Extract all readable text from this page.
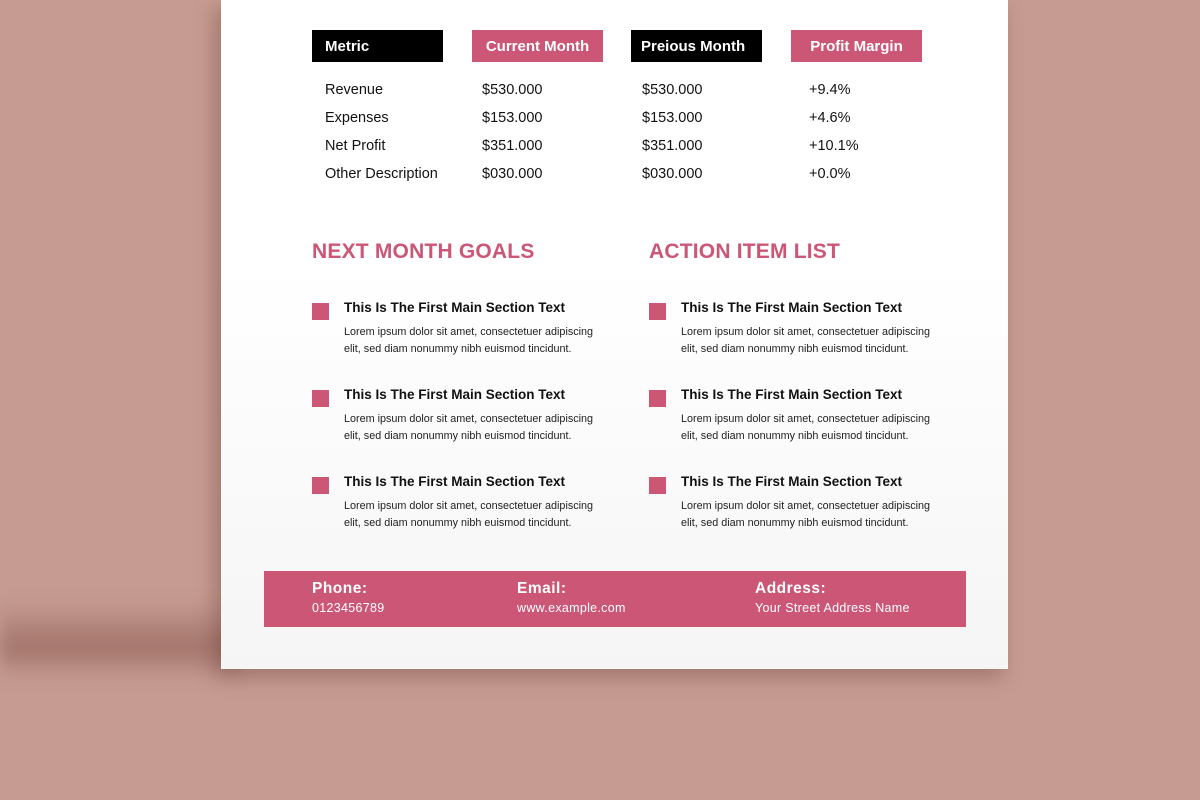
Metric	Current Month	Preious Month	Profit Margin
Revenue	$530.000	$530.000	+9.4%
Expenses	$153.000	$153.000	+4.6%
Net Profit	$351.000	$351.000	+10.1%
Other Description	$030.000	$030.000	+0.0%
NEXT MONTH GOALS
This Is The First Main Section Text
Lorem ipsum dolor sit amet, consectetuer adipiscing elit, sed diam nonummy nibh euismod tincidunt.
This Is The First Main Section Text
Lorem ipsum dolor sit amet, consectetuer adipiscing elit, sed diam nonummy nibh euismod tincidunt.
This Is The First Main Section Text
Lorem ipsum dolor sit amet, consectetuer adipiscing elit, sed diam nonummy nibh euismod tincidunt.
ACTION ITEM LIST
This Is The First Main Section Text
Lorem ipsum dolor sit amet, consectetuer adipiscing elit, sed diam nonummy nibh euismod tincidunt.
This Is The First Main Section Text
Lorem ipsum dolor sit amet, consectetuer adipiscing elit, sed diam nonummy nibh euismod tincidunt.
This Is The First Main Section Text
Lorem ipsum dolor sit amet, consectetuer adipiscing elit, sed diam nonummy nibh euismod tincidunt.
Phone:
0123456789
Email:
www.example.com
Address:
Your Street Address Name
